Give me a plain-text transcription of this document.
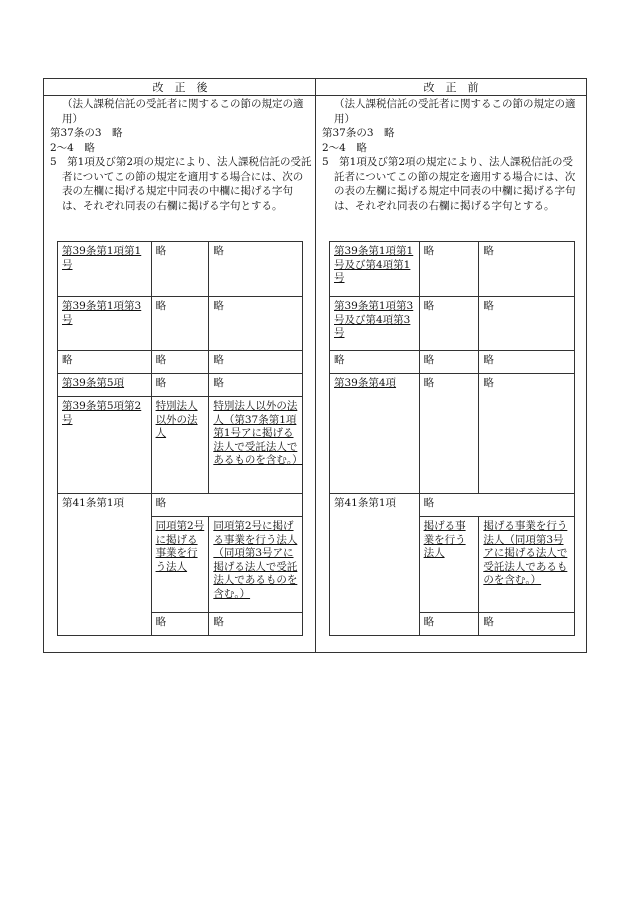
改　正　後	改　正　前

（法人課税信託の受託者に関するこの節の規定の適用）

第37条の3　略

2～4　略

5　第1項及び第2項の規定により、法人課税信託の受託者についてこの節の規定を適用する場合には、次の表の左欄に掲げる規定中同表の中欄に掲げる字句は、それぞれ同表の右欄に掲げる字句とする。

第39条第1項第1号	略	略
第39条第1項第3号	略	略
略	略	略
第39条第5項	略	略
第39条第5項第2号	特別法人以外の法人	特別法人以外の法人（第37条第1項第1号アに掲げる法人で受託法人であるものを含む。）
第41条第1項	略	
	同項第2号に掲げる事業を行う法人	同項第2号に掲げる事業を行う法人（同項第3号アに掲げる法人で受託法人であるものを含む。）
	略	略

（法人課税信託の受託者に関するこの節の規定の適用）

第37条の3　略

2～4　略

5　第1項及び第2項の規定により、法人課税信託の受託者についてこの節の規定を適用する場合には、次の表の左欄に掲げる規定中同表の中欄に掲げる字句は、それぞれ同表の右欄に掲げる字句とする。

第39条第1項第1号及び第4項第1号	略	略
第39条第1項第3号及び第4項第3号	略	略
略	略	略
第39条第4項	略	略
第41条第1項	略	
	掲げる事業を行う法人	掲げる事業を行う法人（同項第3号アに掲げる法人で受託法人であるものを含む。）
	略	略
